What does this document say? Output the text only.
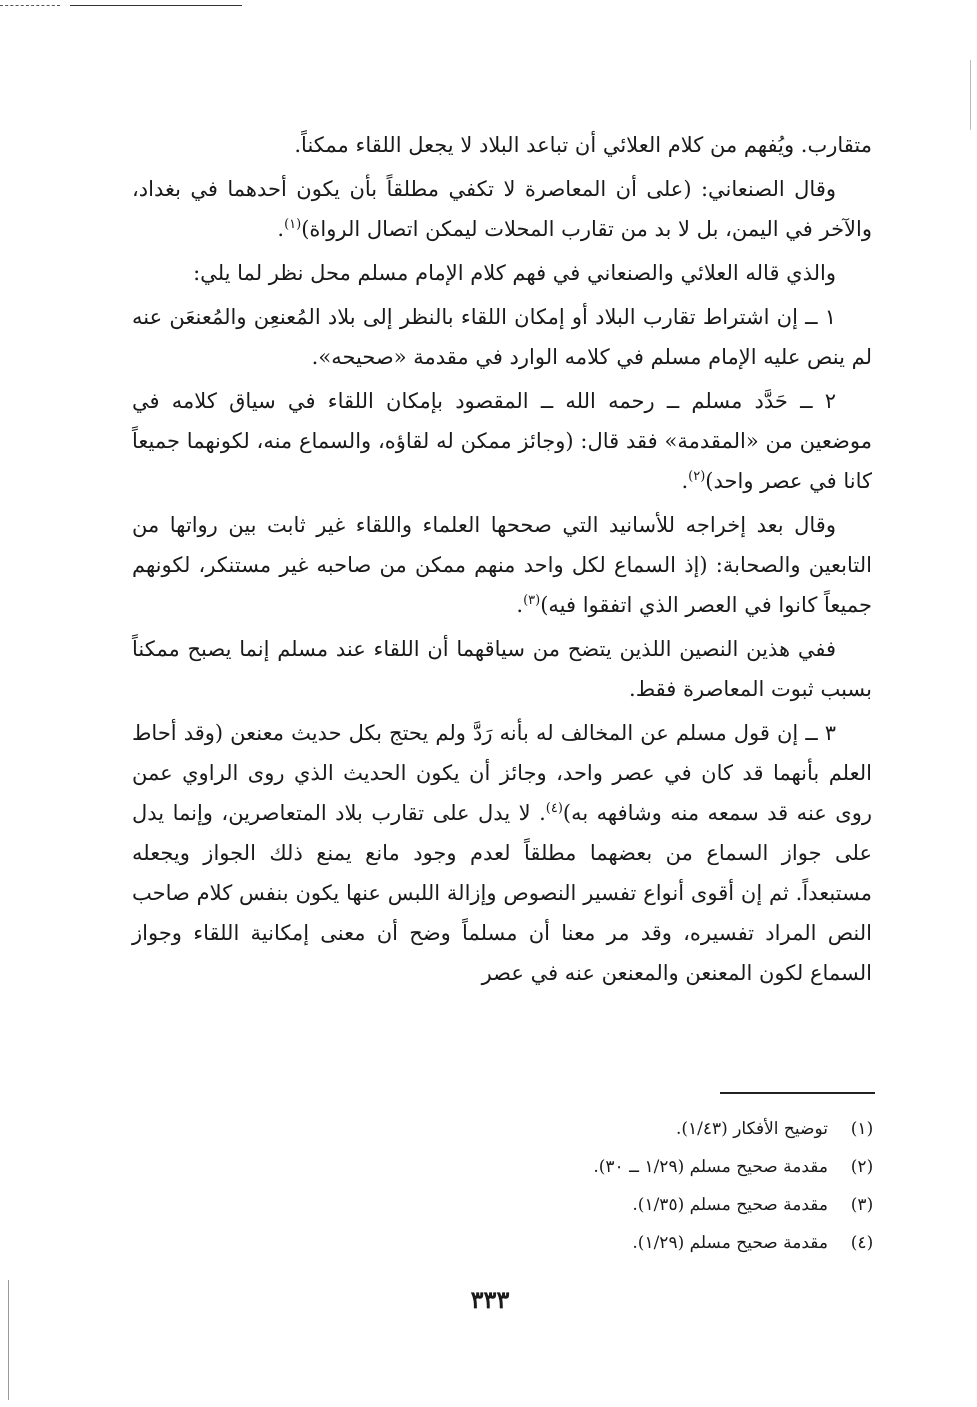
متقارب. ويُفهم من كلام العلائي أن تباعد البلاد لا يجعل اللقاء ممكناً.

وقال الصنعاني: (على أن المعاصرة لا تكفي مطلقاً بأن يكون أحدهما في بغداد، والآخر في اليمن، بل لا بد من تقارب المحلات ليمكن اتصال الرواة)$^{(١)}$.

والذي قاله العلائي والصنعاني في فهم كلام الإمام مسلم محل نظر لما يلي:

١ ــ إن اشتراط تقارب البلاد أو إمكان اللقاء بالنظر إلى بلاد المُعنعِن والمُعنعَن عنه لم ينص عليه الإمام مسلم في كلامه الوارد في مقدمة «صحيحه».

٢ ــ حَدَّد مسلم ــ رحمه الله ــ المقصود بإمكان اللقاء في سياق كلامه في موضعين من «المقدمة» فقد قال: (وجائز ممكن له لقاؤه، والسماع منه، لكونهما جميعاً كانا في عصر واحد)$^{(٢)}$.

وقال بعد إخراجه للأسانيد التي صححها العلماء واللقاء غير ثابت بين رواتها من التابعين والصحابة: (إذ السماع لكل واحد منهم ممكن من صاحبه غير مستنكر، لكونهم جميعاً كانوا في العصر الذي اتفقوا فيه)$^{(٣)}$.

ففي هذين النصين اللذين يتضح من سياقهما أن اللقاء عند مسلم إنما يصبح ممكناً بسبب ثبوت المعاصرة فقط.

٣ ــ إن قول مسلم عن المخالف له بأنه رَدَّ ولم يحتج بكل حديث معنعن (وقد أحاط العلم بأنهما قد كان في عصر واحد، وجائز أن يكون الحديث الذي روى الراوي عمن روى عنه قد سمعه منه وشافهه به)$^{(٤)}$. لا يدل على تقارب بلاد المتعاصرين، وإنما يدل على جواز السماع من بعضهما مطلقاً لعدم وجود مانع يمنع ذلك الجواز ويجعله مستبعداً. ثم إن أقوى أنواع تفسير النصوص وإزالة اللبس عنها يكون بنفس كلام صاحب النص المراد تفسيره، وقد مر معنا أن مسلماً وضح أن معنى إمكانية اللقاء وجواز السماع لكون المعنعن والمعنعن عنه في عصر

(١)
توضيح الأفكار (١/٤٣).
(٢)
مقدمة صحيح مسلم (١/٢٩ ــ ٣٠).
(٣)
مقدمة صحيح مسلم (١/٣٥).
(٤)
مقدمة صحيح مسلم (١/٢٩).
٣٣٣
